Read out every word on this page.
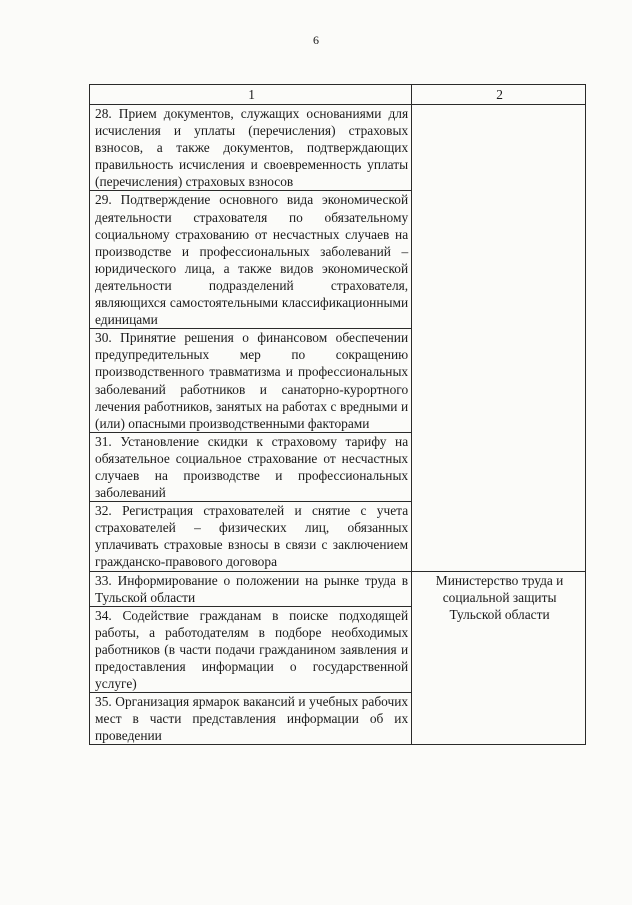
6
1	2
28. Прием документов, служащих основаниями для исчисления и уплаты (перечисления) страховых взносов, а также документов, подтверждающих правильность исчисления и своевременность уплаты (перечисления) страховых взносов	
29. Подтверждение основного вида экономической деятельности страхователя по обязательному социальному страхованию от несчастных случаев на производстве и профессиональных заболеваний – юридического лица, а также видов экономической деятельности подразделений страхователя, являющихся самостоятельными классификационными единицами	
30. Принятие решения о финансовом обеспечении предупредительных мер по сокращению производственного травматизма и профессиональных заболеваний работников и санаторно-курортного лечения работников, занятых на работах с вредными и (или) опасными производственными факторами	
31. Установление скидки к страховому тарифу на обязательное социальное страхование от несчастных случаев на производстве и профессиональных заболеваний	
32. Регистрация страхователей и снятие с учета страхователей – физических лиц, обязанных уплачивать страховые взносы в связи с заключением гражданско-правового договора	
33. Информирование о положении на рынке труда в Тульской области	Министерство труда и социальной защиты Тульской области
34. Содействие гражданам в поиске подходящей работы, а работодателям в подборе необходимых работников (в части подачи гражданином заявления и предоставления информации о государственной услуге)	
35. Организация ярмарок вакансий и учебных рабочих мест в части представления информации об их проведении	
